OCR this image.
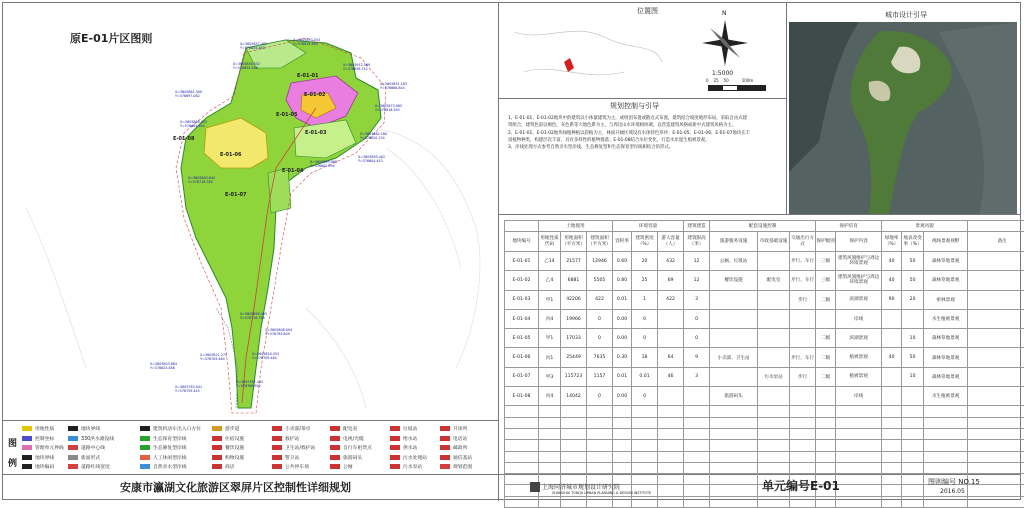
原E-01片区图则
E-01-01
E-01-02
E-01-03
E-01-04
E-01-05
E-01-06
E-01-07
E-01-08
X=3605857.554
Y=576619.484
X=3605857.492
Y=576634.483
X=3605830.552
Y=576655.446
X=3605912.569
Y=576638.742
X=3605851.183
Y=576666.844
X=3605873.065
Y=576618.583
X=3605861.500
Y=576697.082
X=3605868.452
Y=576664.904
X=3605862.160
Y=576620.134
X=3605895.402
Y=576604.443
X=3605895.868
Y=576601.894
X=3605803.844
Y=576718.765
X=3605899.505
Y=576718.756
X=3605820.453
Y=576709.464
X=3605821.273
Y=576709.464
X=3605803.884
Y=576624.488
X=3605767.442
Y=576788.902
X=3605783.041
Y=576759.445
X=3605808.094
Y=576794.809
位置图	N
1:5000
0 25 50	100m
规划控制与引导

1、E-01-01、E-01-02地块中的建筑以小体量建筑为主，或组团布置或散点式布置，建筑结合坡度地形布局，采取自由式建

筑组合，建筑色彩以褐色、灰色系等大地色系为主，与周边山水环境相协调，以营造建筑风格或新中式建筑风格为主。

2、E-01-01、E-01-02地块绿植种植以彩植为主，林间开阔区域设有水体特色草坪；E-01-05、E-01-06、E-01-07地块在丰

富植物种类，构建层次丰富，具有多样性的植物群落；E-01-08结合水位变化，打造水岸湿生植被景观。

3、岸线处理方式参考自然亲水型岸线，生态修复型和生态保育型岸线相结合的形式。

城市设计引导
	土地使用			环境容量			建筑建造	配套设施控制			保护培育		景观风貌			
地块编号	用地性质代码	用地面积（平方米）	建筑面积（平方米）	容积率	建筑密度（%）	游人容量（人）	建筑限高（米）	旅游服务设施	市政基础设施	交通出行方式	保护级别	保护内容	绿地率（%）	地表改变率（%）	视线景观视野	备注
E-01-01	乙14	21577	12946	0.60	20	432	12	公厕、垃圾站		步行、车行	三级	建筑风貌维护与周边环境景观	40	50	森林草地景观	
E-01-02	乙4	6881	5505	0.80	25	69	12	餐饮设施	配电室	步行、车行	三级	建筑风貌维护与周边环境景观	40	50	森林草地景观	
E-01-03	甲1	42206	422	0.01	1	422	3			步行	二级	滨湖景观	90	20	密林景观	
E-01-04	丙4	19966	0	0.00	0		0					岸线			水生植被景观	
E-01-05	甲1	17033	0	0.00	0		0				二级	滨湖景观		10	森林草地景观	
E-01-06	丙1	25449	7635	0.30	18	64	9	小卖部、卫生站		步行、车行	二级	植被景观	40	50	森林草地景观	
E-01-07	甲3	115723	1157	0.01	0.01	46	3		污水泵站	步行	二级	植被景观		10	森林草地景观	
E-01-08	丙4	14042	0	0.00	0			旅游码头				岸线			水生植被景观	

图
例
用地性质
控制坐标
管理单元界线
地块界线
地块编码
地块界线
330洪水淹没线
道路中心线
新面形式
道路红线宽度
建筑机动车出入口方位
生态保育型岸线
生态修复型岸线
人工休闲型岸线
自然亲水型岸线
游步道
住宿设施
餐饮设施
购物设施
商店
小卖部/茶亭
救护站
卫生站/救护站
警卫站
公共停车场
配电室
电视/光缆
自行车租赁点
旅游码头
公厕
垃圾站
给水站
供水站
污水处理站
污水泵站
开闭所
电话站
邮政所
通信基站
规划范围
安康市瀛湖文化旅游区翠屏片区控制性详细规划	上海同济城市规划设计研究院
SHANGHAI TONGJI URBAN PLANNING & DESIGN INSTITUTE	单元编号E-01	图则编号 NO.15
2016.05
